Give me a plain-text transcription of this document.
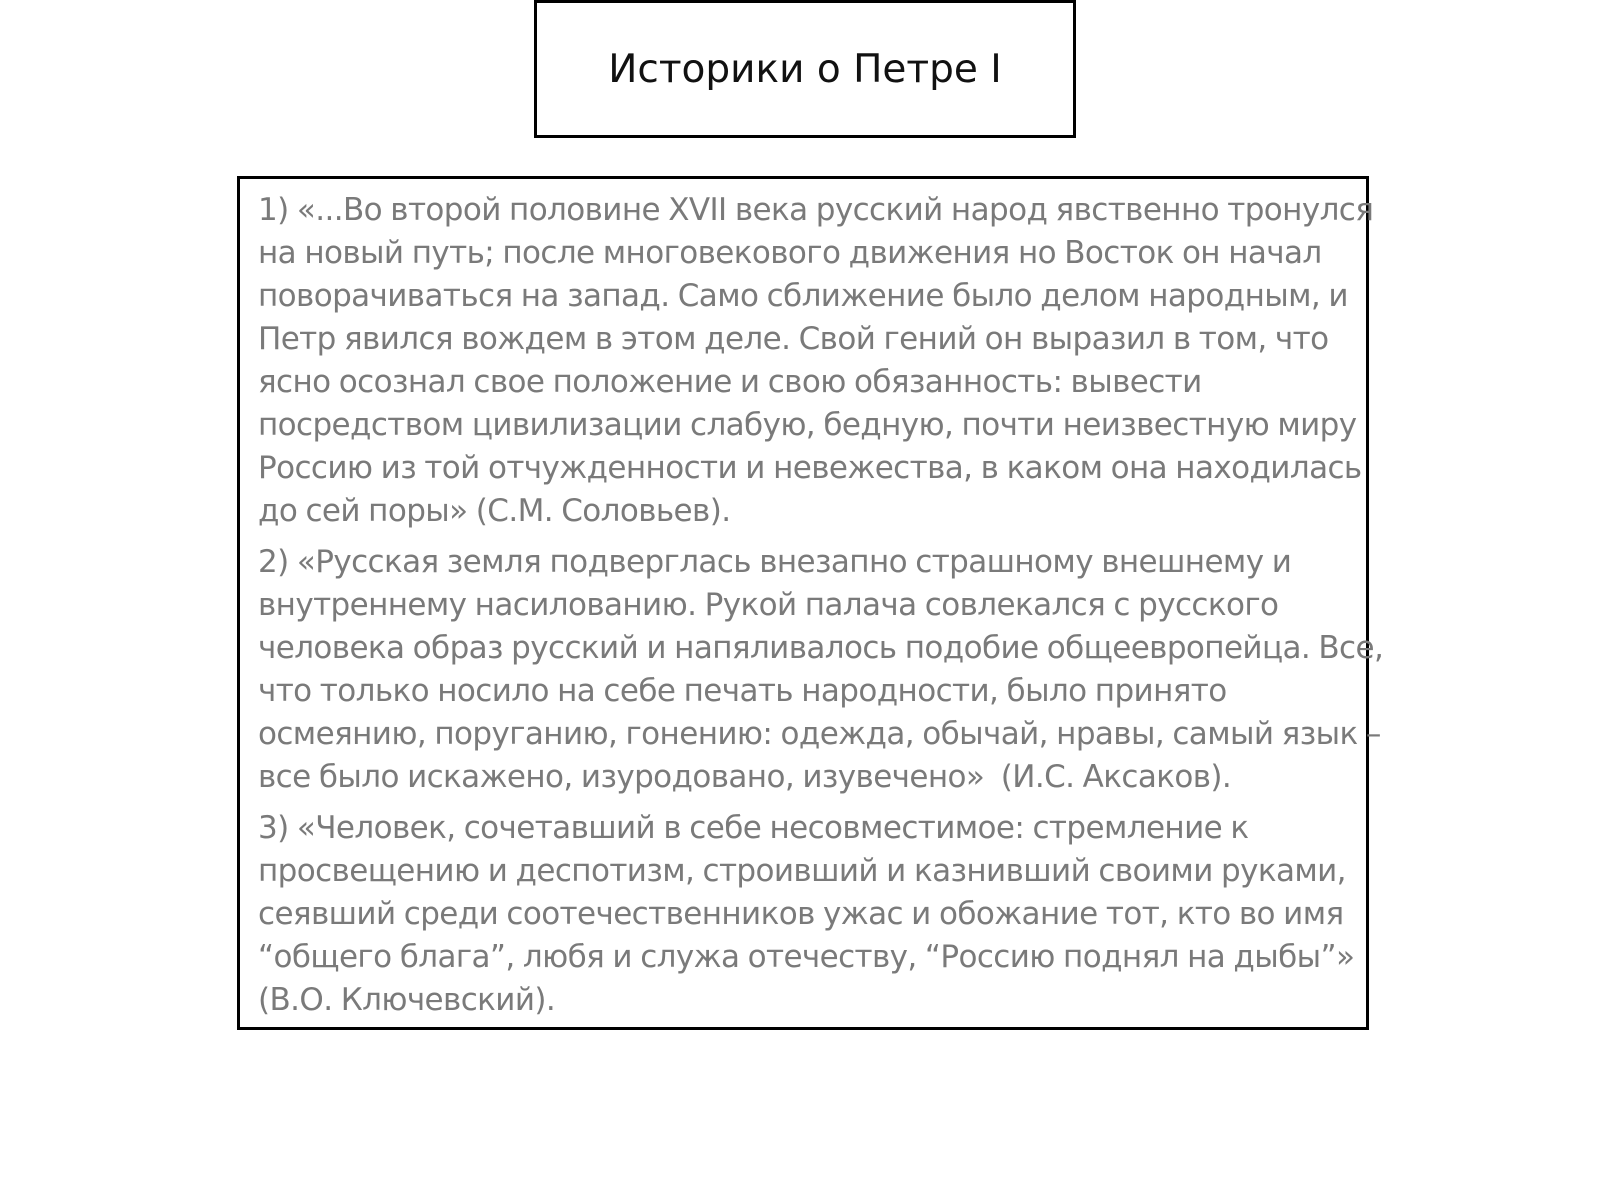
Историки о Петре I

1) «...Во второй половине XVII века русский народ явственно тронулся
на новый путь; после многовекового движения но Восток он начал
поворачиваться на запад. Само сближение было делом народным, и
Петр явился вождем в этом деле. Свой гений он выразил в том, что
ясно осознал свое положение и свою обязанность: вывести
посредством цивилизации слабую, бедную, почти неизвестную миру
Россию из той отчужденности и невежества, в каком она находилась
до сей поры» (С.М. Соловьев).

2) «Русская земля подверглась внезапно страшному внешнему и
внутреннему насилованию. Рукой палача совлекался с русского
человека образ русский и напяливалось подобие общеевропейца. Все,
что только носило на себе печать народности, было принято
осмеянию, поруганию, гонению: одежда, обычай, нравы, самый язык –
все было искажено, изуродовано, изувечено»  (И.С. Аксаков).

3) «Человек, сочетавший в себе несовместимое: стремление к
просвещению и деспотизм, строивший и казнивший своими руками,
сеявший среди соотечественников ужас и обожание тот, кто во имя
“общего блага”, любя и служа отечеству, “Россию поднял на дыбы”»
(В.О. Ключевский).
